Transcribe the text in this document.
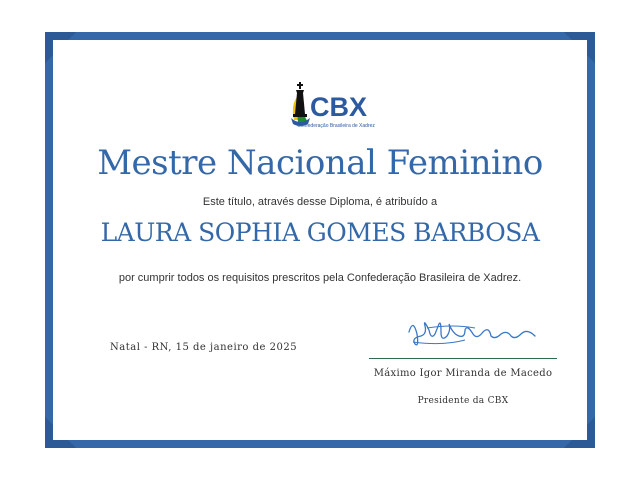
CBX
Confederação Brasileira de Xadrez
Mestre Nacional Feminino
Este título, através desse Diploma, é atribuído a
LAURA SOPHIA GOMES BARBOSA
por cumprir todos os requisitos prescritos pela Confederação Brasileira de Xadrez.
Natal - RN, 15 de janeiro de 2025
Máximo Igor Miranda de Macedo
Presidente da CBX
